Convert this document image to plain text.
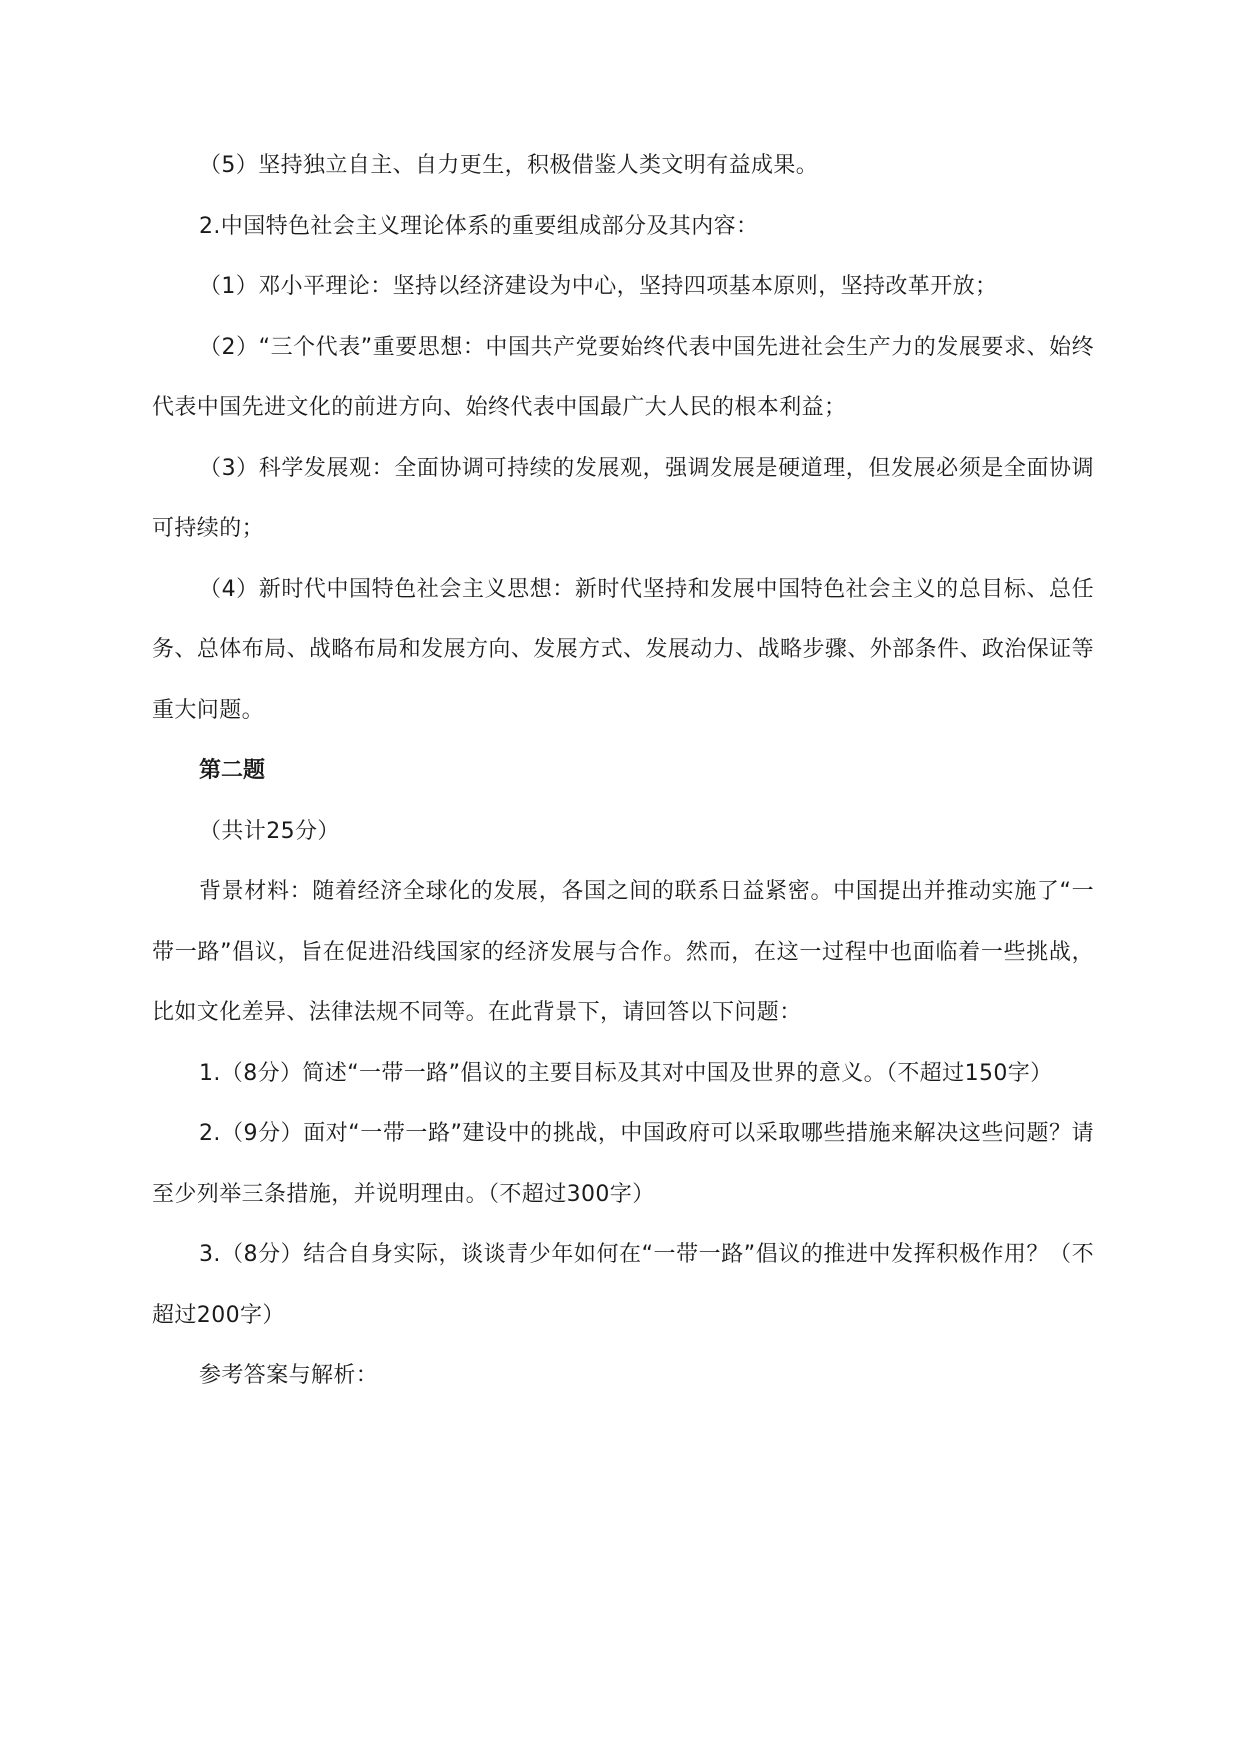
（5）坚持独立自主、自力更生，积极借鉴人类文明有益成果。

2.中国特色社会主义理论体系的重要组成部分及其内容：

（1）邓小平理论：坚持以经济建设为中心，坚持四项基本原则，坚持改革开放；

（2）“三个代表”重要思想：中国共产党要始终代表中国先进社会生产力的发展要求、始终代表中国先进文化的前进方向、始终代表中国最广大人民的根本利益；

（3）科学发展观：全面协调可持续的发展观，强调发展是硬道理，但发展必须是全面协调可持续的；

（4）新时代中国特色社会主义思想：新时代坚持和发展中国特色社会主义的总目标、总任务、总体布局、战略布局和发展方向、发展方式、发展动力、战略步骤、外部条件、政治保证等重大问题。

第二题

（共计25分）

背景材料：随着经济全球化的发展，各国之间的联系日益紧密。中国提出并推动实施了“一带一路”倡议，旨在促进沿线国家的经济发展与合作。然而，在这一过程中也面临着一些挑战，比如文化差异、法律法规不同等。在此背景下，请回答以下问题：

1.（8分）简述“一带一路”倡议的主要目标及其对中国及世界的意义。（不超过150字）

2.（9分）面对“一带一路”建设中的挑战，中国政府可以采取哪些措施来解决这些问题？请至少列举三条措施，并说明理由。（不超过300字）

3.（8分）结合自身实际，谈谈青少年如何在“一带一路”倡议的推进中发挥积极作用？（不超过200字）

参考答案与解析：
